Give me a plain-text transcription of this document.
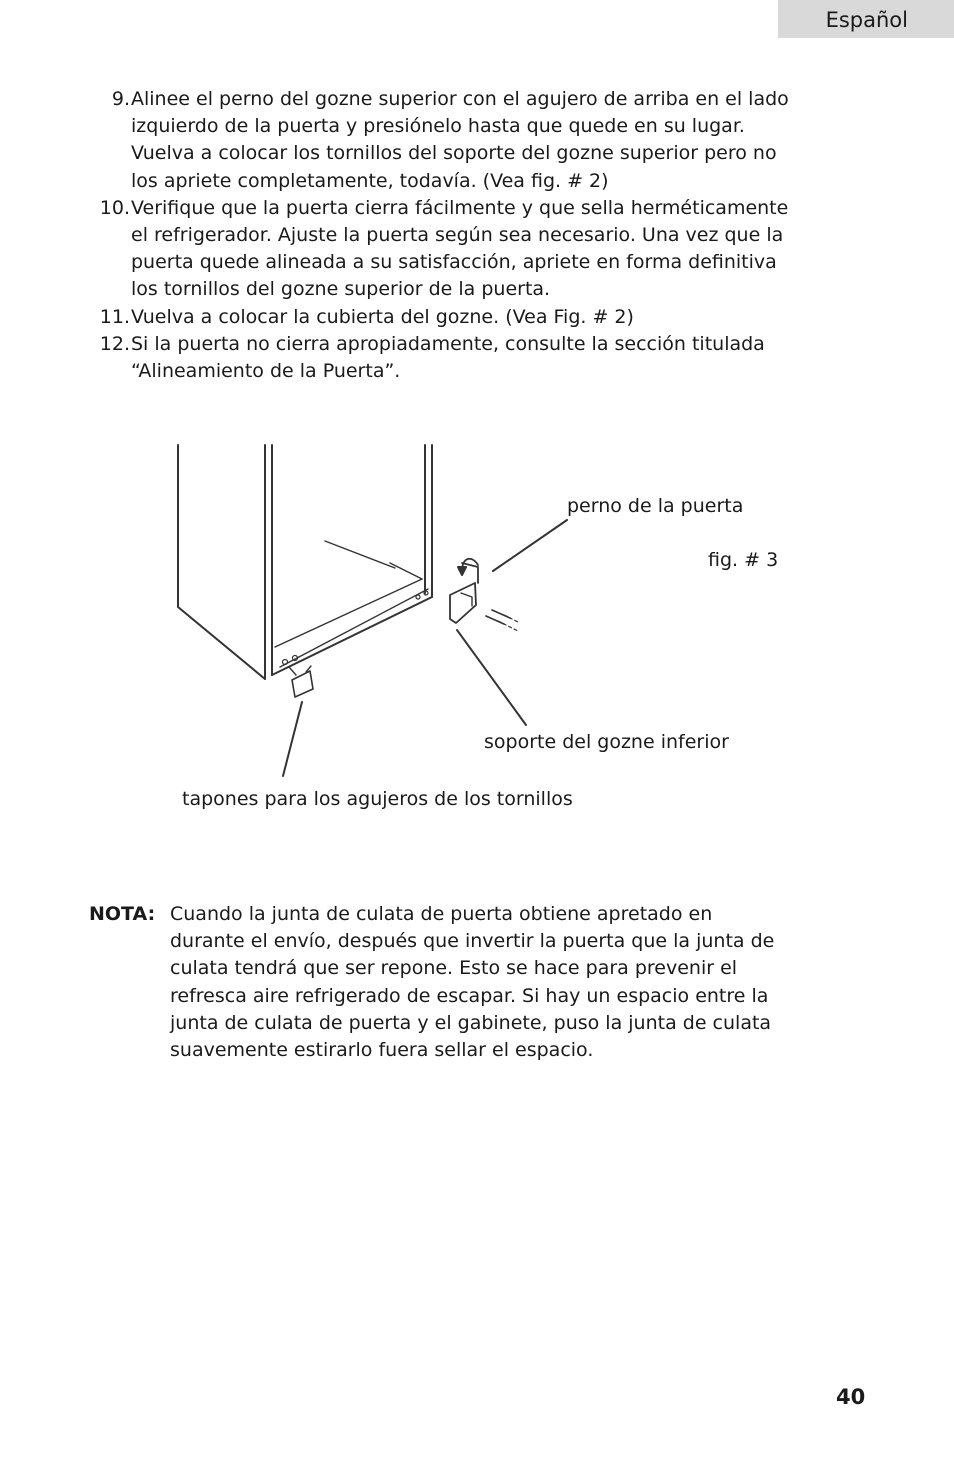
Español
9. Alinee el perno del gozne superior con el agujero de arriba en el lado izquierdo de la puerta y presiónelo hasta que quede en su lugar. Vuelva a colocar los tornillos del soporte del gozne superior pero no los apriete completamente, todavía. (Vea fig. # 2)
10. Verifique que la puerta cierra fácilmente y que sella herméticamente el refrigerador. Ajuste la puerta según sea necesario. Una vez que la puerta quede alineada a su satisfacción, apriete en forma definitiva los tornillos del gozne superior de la puerta.
11. Vuelva a colocar la cubierta del gozne. (Vea Fig. # 2)
12. Si la puerta no cierra apropiadamente, consulte la sección titulada “Alineamiento de la Puerta”.
perno de la puerta
fig. # 3
soporte del gozne inferior
tapones para los agujeros de los tornillos
NOTA: Cuando la junta de culata de puerta obtiene apretado en durante el envío, después que invertir la puerta que la junta de culata tendrá que ser repone. Esto se hace para prevenir el refresca aire refrigerado de escapar. Si hay un espacio entre la junta de culata de puerta y el gabinete, puso la junta de culata suavemente estirarlo fuera sellar el espacio.
40
